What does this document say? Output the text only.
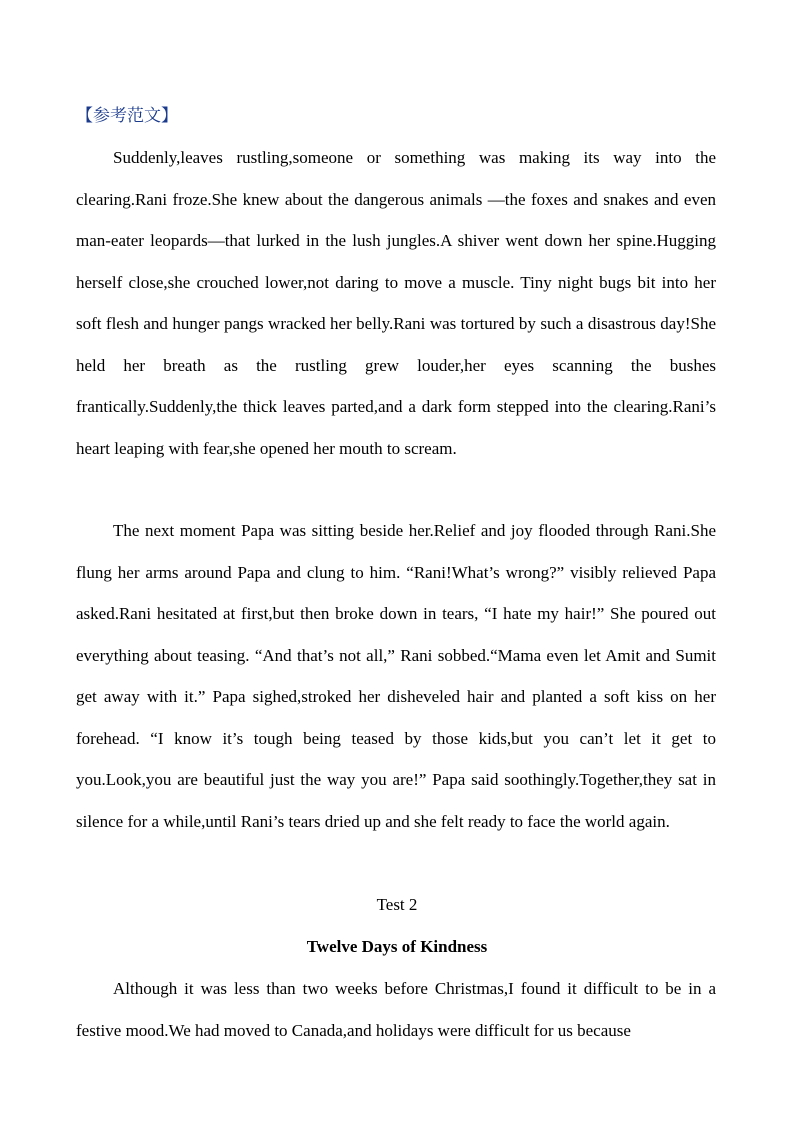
【参考范文】

Suddenly,leaves rustling,someone or something was making its way into the clearing.Rani froze.She knew about the dangerous animals —the foxes and snakes and even man-eater leopards—that lurked in the lush jungles.A shiver went down her spine.Hugging herself close,she crouched lower,not daring to move a muscle. Tiny night bugs bit into her soft flesh and hunger pangs wracked her belly.Rani was tortured by such a disastrous day!She held her breath as the rustling grew louder,her eyes scanning the bushes frantically.Suddenly,the thick leaves parted,and a dark form stepped into the clearing.Rani’s heart leaping with fear,she opened her mouth to scream.

The next moment Papa was sitting beside her.Relief and joy flooded through Rani.She flung her arms around Papa and clung to him. “Rani!What’s wrong?” visibly relieved Papa asked.Rani hesitated at first,but then broke down in tears, “I hate my hair!” She poured out everything about teasing. “And that’s not all,” Rani sobbed.“Mama even let Amit and Sumit get away with it.” Papa sighed,stroked her disheveled hair and planted a soft kiss on her forehead. “I know it’s tough being teased by those kids,but you can’t let it get to you.Look,you are beautiful just the way you are!” Papa said soothingly.Together,they sat in silence for a while,until Rani’s tears dried up and she felt ready to face the world again.

Test 2
Twelve Days of Kindness

Although it was less than two weeks before Christmas,I found it difficult to be in a festive mood.We had moved to Canada,and holidays were difficult for us because
